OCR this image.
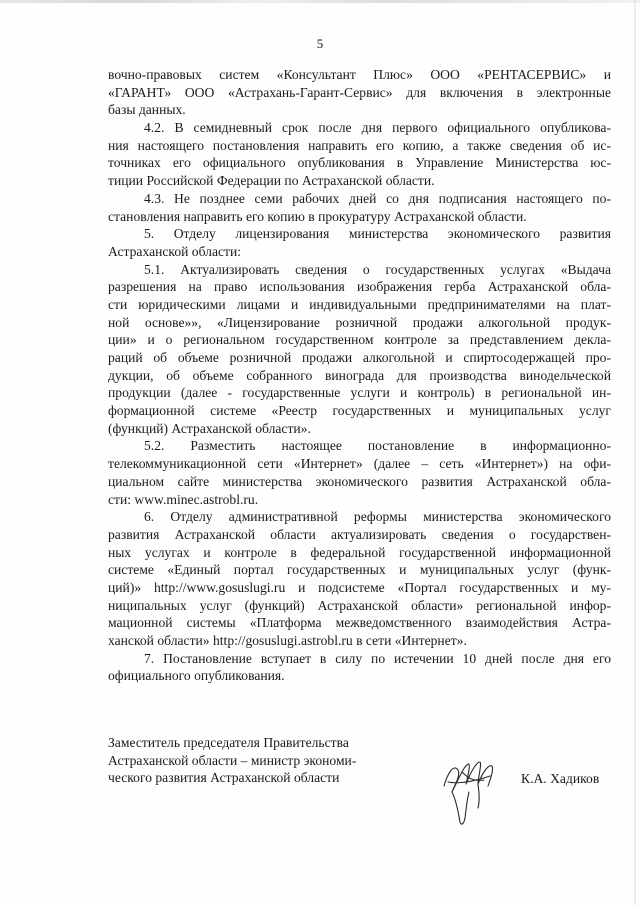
5
вочно-правовых систем «Консультант Плюс» ООО «РЕНТАСЕРВИС» и
«ГАРАНТ» ООО «Астрахань-Гарант-Сервис» для включения в электронные
базы данных.
4.2. В семидневный срок после дня первого официального опубликова-
ния настоящего постановления направить его копию, а также сведения об ис-
точниках его официального опубликования в Управление Министерства юс-
тиции Российской Федерации по Астраханской области.
4.3. Не позднее семи рабочих дней со дня подписания настоящего по-
становления направить его копию в прокуратуру Астраханской области.
5. Отделу лицензирования министерства экономического развития
Астраханской области:
5.1. Актуализировать сведения о государственных услугах «Выдача
разрешения на право использования изображения герба Астраханской обла-
сти юридическими лицами и индивидуальными предпринимателями на плат-
ной основе»», «Лицензирование розничной продажи алкогольной продук-
ции» и о региональном государственном контроле за представлением декла-
раций об объеме розничной продажи алкогольной и спиртосодержащей про-
дукции, об объеме собранного винограда для производства винодельческой
продукции (далее - государственные услуги и контроль) в региональной ин-
формационной системе «Реестр государственных и муниципальных услуг
(функций) Астраханской области».
5.2. Разместить настоящее постановление в информационно-
телекоммуникационной сети «Интернет» (далее – сеть «Интернет») на офи-
циальном сайте министерства экономического развития Астраханской обла-
сти: www.minec.astrobl.ru.
6. Отделу административной реформы министерства экономического
развития Астраханской области актуализировать сведения о государствен-
ных услугах и контроле в федеральной государственной информационной
системе «Единый портал государственных и муниципальных услуг (функ-
ций)» http://www.gosuslugi.ru и подсистеме «Портал государственных и му-
ниципальных услуг (функций) Астраханской области» региональной инфор-
мационной системы «Платформа межведомственного взаимодействия Астра-
ханской области» http://gosuslugi.astrobl.ru в сети «Интернет».
7. Постановление вступает в силу по истечении 10 дней после дня его
официального опубликования.
Заместитель председателя Правительства
Астраханской области – министр экономи-
ческого развития Астраханской области	К.А. Хадиков
